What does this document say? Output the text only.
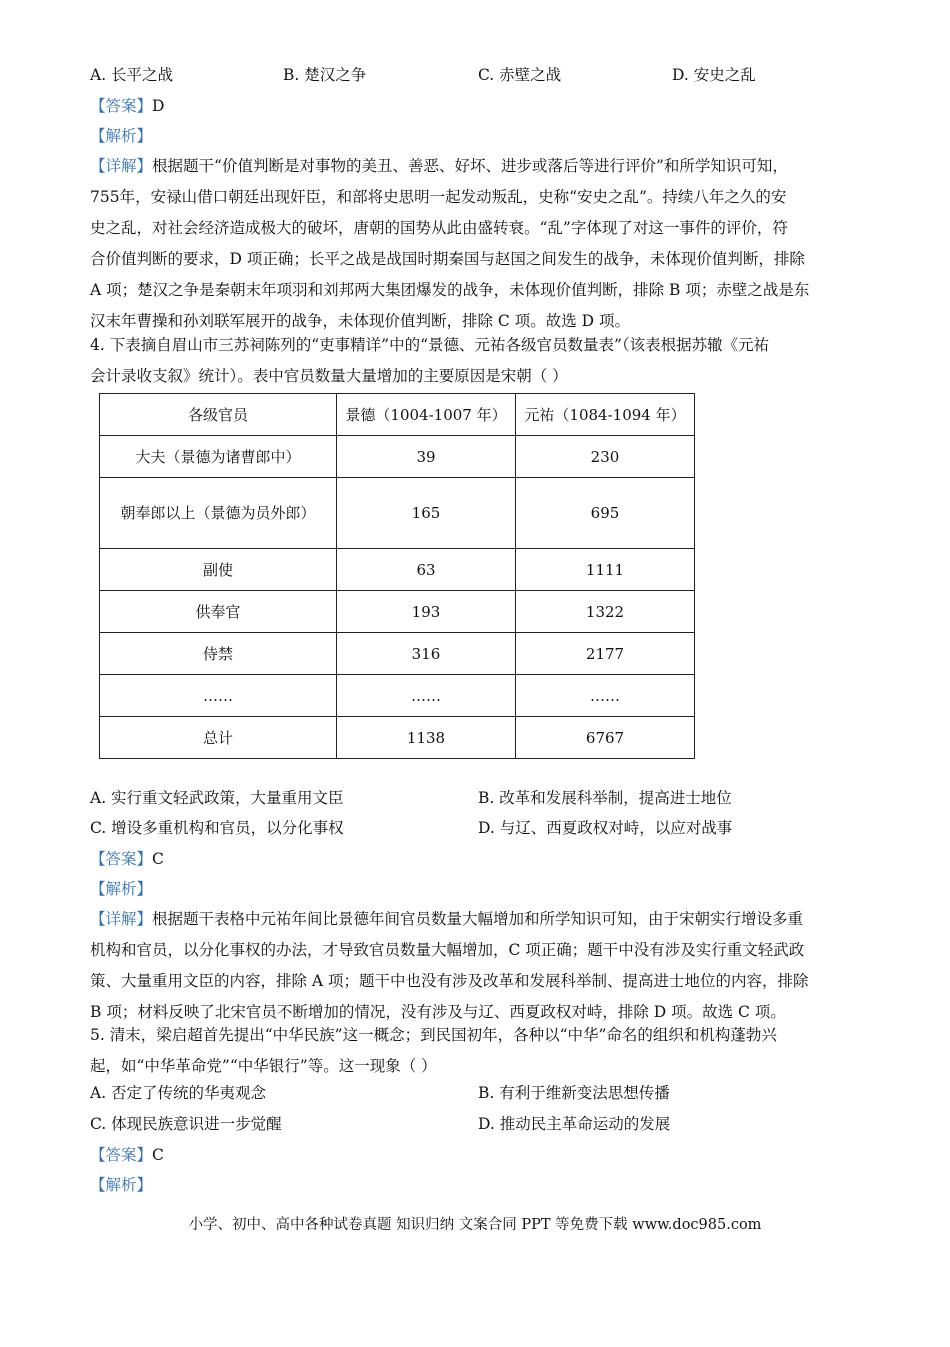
A. 长平之战	B. 楚汉之争	C. 赤壁之战	D. 安史之乱
【答案】D
【解析】
【详解】根据题干“价值判断是对事物的美丑、善恶、好坏、进步或落后等进行评价”和所学知识可知，
755年，安禄山借口朝廷出现奸臣，和部将史思明一起发动叛乱，史称“安史之乱”。持续八年之久的安
史之乱，对社会经济造成极大的破坏，唐朝的国势从此由盛转衰。“乱”字体现了对这一事件的评价，符
合价值判断的要求，D 项正确；长平之战是战国时期秦国与赵国之间发生的战争，未体现价值判断，排除
A 项；楚汉之争是秦朝末年项羽和刘邦两大集团爆发的战争，未体现价值判断，排除 B 项；赤壁之战是东
汉末年曹操和孙刘联军展开的战争，未体现价值判断，排除 C 项。故选 D 项。
4. 下表摘自眉山市三苏祠陈列的“吏事精详”中的“景德、元祐各级官员数量表”（该表根据苏辙《元祐
会计录收支叙》统计）。表中官员数量大量增加的主要原因是宋朝（ ）
各级官员	景德（1004-1007 年）	元祐（1084-1094 年）
大夫（景德为诸曹郎中）	39	230
朝奉郎以上（景德为员外郎）	165	695
副使	63	1111
供奉官	193	1322
侍禁	316	2177
……	……	……
总计	1138	6767
A. 实行重文轻武政策，大量重用文臣	B. 改革和发展科举制，提高进士地位
C. 增设多重机构和官员，以分化事权	D. 与辽、西夏政权对峙，以应对战事
【答案】C
【解析】
【详解】根据题干表格中元祐年间比景德年间官员数量大幅增加和所学知识可知，由于宋朝实行增设多重
机构和官员，以分化事权的办法，才导致官员数量大幅增加，C 项正确；题干中没有涉及实行重文轻武政
策、大量重用文臣的内容，排除 A 项；题干中也没有涉及改革和发展科举制、提高进士地位的内容，排除
B 项；材料反映了北宋官员不断增加的情况，没有涉及与辽、西夏政权对峙，排除 D 项。故选 C 项。
5. 清末，梁启超首先提出“中华民族”这一概念；到民国初年，各种以“中华”命名的组织和机构蓬勃兴
起，如“中华革命党”“中华银行”等。这一现象（ ）
A. 否定了传统的华夷观念	B. 有利于维新变法思想传播
C. 体现民族意识进一步觉醒	D. 推动民主革命运动的发展
【答案】C
【解析】
小学、初中、高中各种试卷真题 知识归纳 文案合同 PPT 等免费下载 www.doc985.com
